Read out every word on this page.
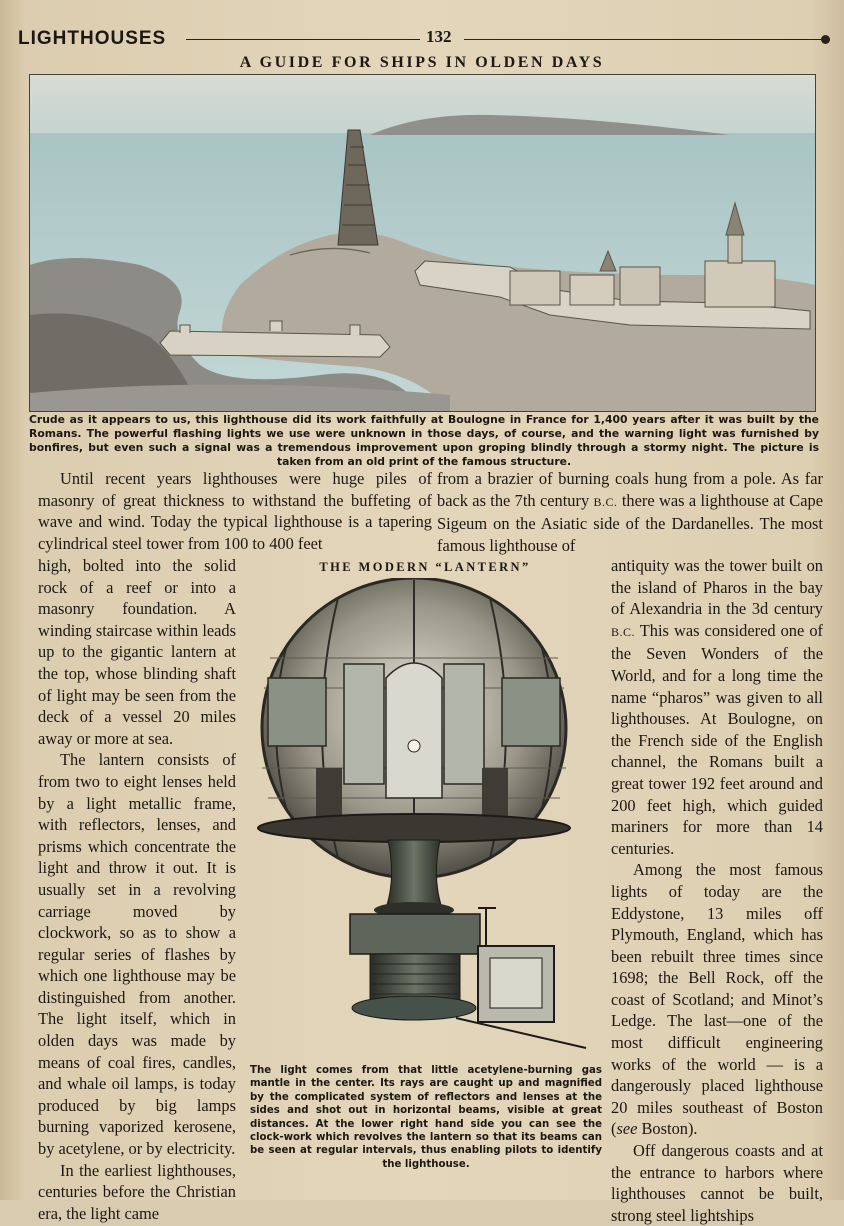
LIGHTHOUSES	132
A GUIDE FOR SHIPS IN OLDEN DAYS
Crude as it appears to us, this lighthouse did its work faithfully at Boulogne in France for 1,400 years after it was built by the Romans. The powerful flashing lights we use were unknown in those days, of course, and the warning light was furnished by bonfires, but even such a signal was a tremendous improvement upon groping blindly through a stormy night. The picture is taken from an old print of the famous structure.

Until recent years lighthouses were huge piles of masonry of great thickness to withstand the buffeting of wave and wind. Today the typical lighthouse is a tapering cylindrical steel tower from 100 to 400 feet

from a brazier of burning coals hung from a pole. As far back as the 7th century B.C. there was a lighthouse at Cape Sigeum on the Asiatic side of the Dardanelles. The most famous lighthouse of

high, bolted into the solid rock of a reef or into a masonry foundation. A winding staircase within leads up to the gigantic lantern at the top, whose blinding shaft of light may be seen from the deck of a vessel 20 miles away or more at sea.

The lantern consists of from two to eight lenses held by a light metallic frame, with reflectors, lenses, and prisms which concentrate the light and throw it out. It is usually set in a revolving carriage moved by clockwork, so as to show a regular series of flashes by which one lighthouse may be distinguished from another. The light itself, which in olden days was made by means of coal fires, candles, and whale oil lamps, is today produced by big lamps burning vaporized kerosene, by acetylene, or by electricity.

In the earliest lighthouses, centuries before the Christian era, the light came

THE MODERN “LANTERN”
The light comes from that little acetylene-burning gas mantle in the center. Its rays are caught up and magnified by the complicated system of reflectors and lenses at the sides and shot out in horizontal beams, visible at great distances. At the lower right hand side you can see the clock-work which revolves the lantern so that its beams can be seen at regular intervals, thus enabling pilots to identify the lighthouse.

antiquity was the tower built on the island of Pharos in the bay of Alexandria in the 3d century B.C. This was considered one of the Seven Wonders of the World, and for a long time the name “pharos” was given to all lighthouses. At Boulogne, on the French side of the English channel, the Romans built a great tower 192 feet around and 200 feet high, which guided mariners for more than 14 centuries.

Among the most famous lights of today are the Eddystone, 13 miles off Plymouth, England, which has been rebuilt three times since 1698; the Bell Rock, off the coast of Scotland; and Minot’s Ledge. The last—one of the most difficult engineering works of the world — is a dangerously placed lighthouse 20 miles southeast of Boston (see Boston).

Off dangerous coasts and at the entrance to harbors where lighthouses cannot be built, strong steel lightships
